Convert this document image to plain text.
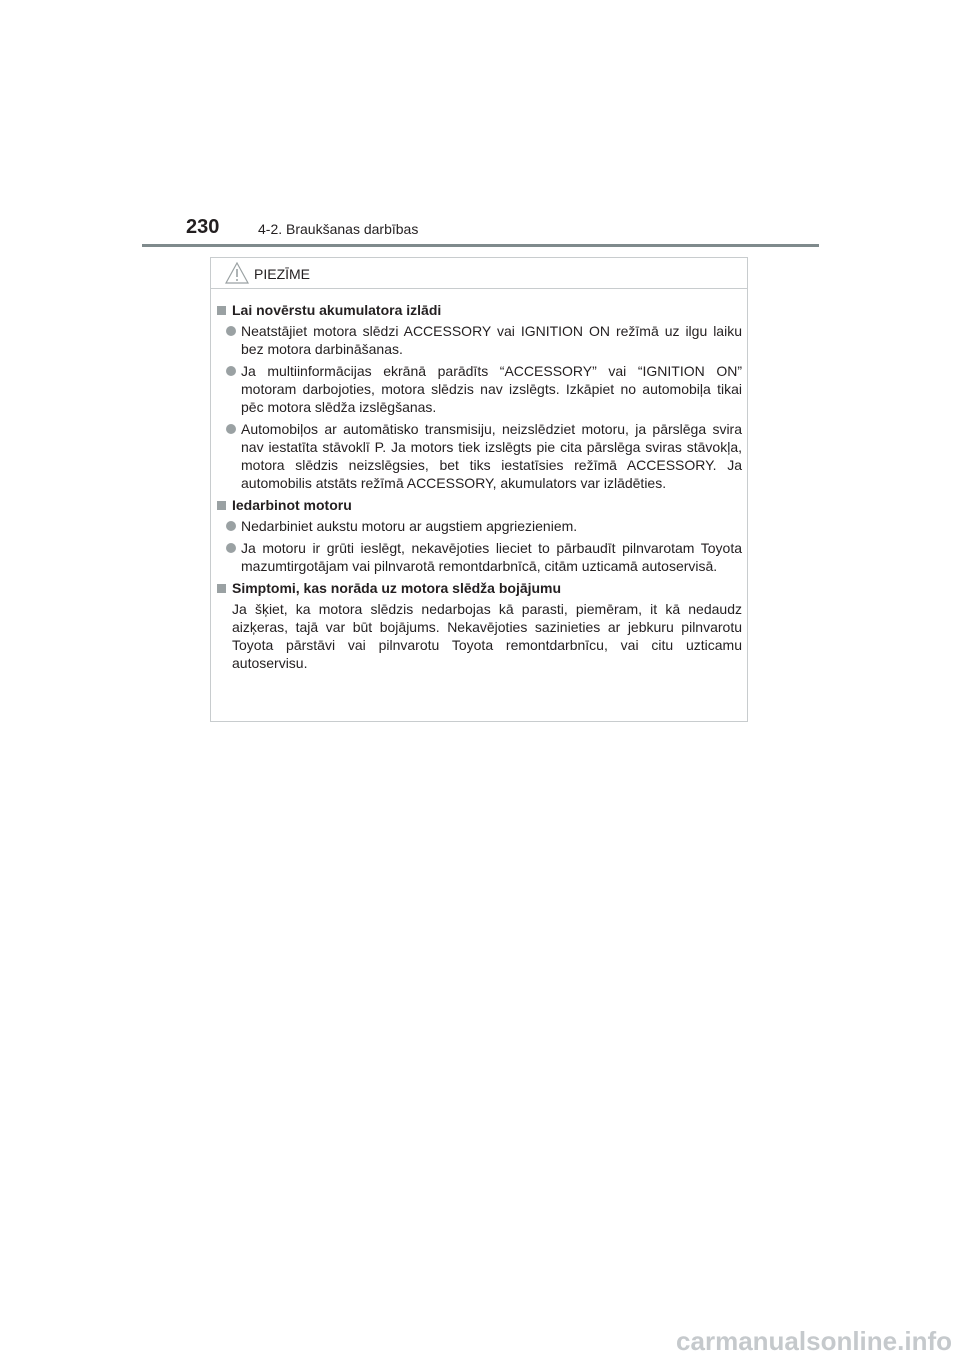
230	4-2. Braukšanas darbības
PIEZĪME
Lai novērstu akumulatora izlādi
Neatstājiet motora slēdzi ACCESSORY vai IGNITION ON režīmā uz ilgu laiku bez motora darbināšanas.
Ja multiinformācijas ekrānā parādīts “ACCESSORY” vai “IGNITION ON” motoram darbojoties, motora slēdzis nav izslēgts. Izkāpiet no automobiļa tikai pēc motora slēdža izslēgšanas.
Automobiļos ar automātisko transmisiju, neizslēdziet motoru, ja pārslēga svira nav iestatīta stāvoklī P. Ja motors tiek izslēgts pie cita pārslēga sviras stāvokļa, motora slēdzis neizslēgsies, bet tiks iestatīsies režīmā ACCESSORY. Ja automobilis atstāts režīmā ACCESSORY, akumulators var izlādēties.
Iedarbinot motoru
Nedarbiniet aukstu motoru ar augstiem apgriezieniem.
Ja motoru ir grūti ieslēgt, nekavējoties lieciet to pārbaudīt pilnvarotam Toyota mazumtirgotājam vai pilnvarotā remontdarbnīcā, citām uzticamā autoservisā.
Simptomi, kas norāda uz motora slēdža bojājumu
Ja šķiet, ka motora slēdzis nedarbojas kā parasti, piemēram, it kā nedaudz aizķeras, tajā var būt bojājums. Nekavējoties sazinieties ar jebkuru pilnvarotu Toyota pārstāvi vai pilnvarotu Toyota remontdarbnīcu, vai citu uzticamu autoservisu.
carmanualsonline.info
